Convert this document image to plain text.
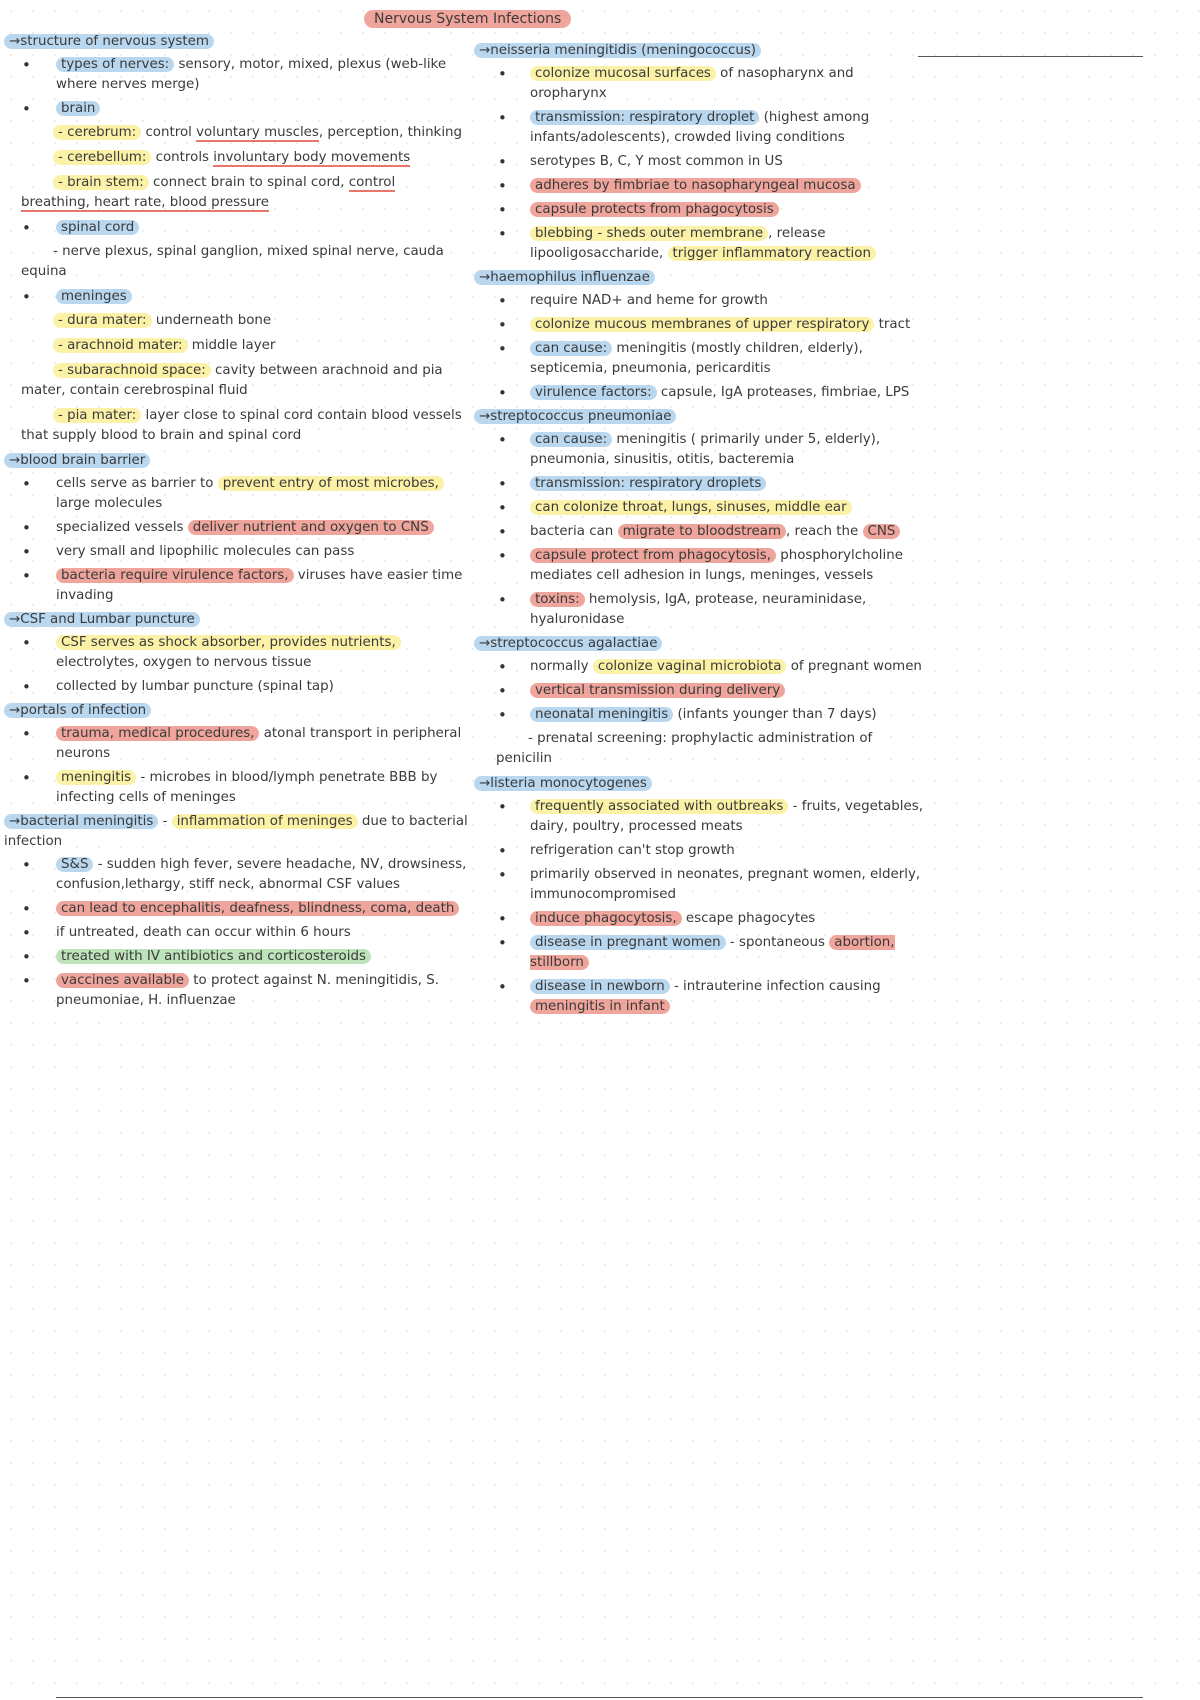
Nervous System Infections
→structure of nervous system
• types of nerves: sensory, motor, mixed, plexus (web-like where nerves merge)
• brain
- cerebrum: control voluntary muscles, perception, thinking
- cerebellum: controls involuntary body movements
- brain stem: connect brain to spinal cord, control breathing, heart rate, blood pressure
• spinal cord
- nerve plexus, spinal ganglion, mixed spinal nerve, cauda equina
• meninges
- dura mater: underneath bone
- arachnoid mater: middle layer
- subarachnoid space: cavity between arachnoid and pia mater, contain cerebrospinal fluid
- pia mater: layer close to spinal cord contain blood vessels that supply blood to brain and spinal cord
→blood brain barrier
• cells serve as barrier to prevent entry of most microbes, large molecules
• specialized vessels deliver nutrient and oxygen to CNS
• very small and lipophilic molecules can pass
• bacteria require virulence factors, viruses have easier time invading
→CSF and Lumbar puncture
• CSF serves as shock absorber, provides nutrients, electrolytes, oxygen to nervous tissue
• collected by lumbar puncture (spinal tap)
→portals of infection
• trauma, medical procedures, atonal transport in peripheral neurons
• meningitis - microbes in blood/lymph penetrate BBB by infecting cells of meninges
→bacterial meningitis - inflammation of meninges due to bacterial infection
• S&S - sudden high fever, severe headache, NV, drowsiness, confusion,lethargy, stiff neck, abnormal CSF values
• can lead to encephalitis, deafness, blindness, coma, death
• if untreated, death can occur within 6 hours
• treated with IV antibiotics and corticosteroids
• vaccines available to protect against N. meningitidis, S. pneumoniae, H. influenzae
→neisseria meningitidis (meningococcus)
• colonize mucosal surfaces of nasopharynx and oropharynx
• transmission: respiratory droplet (highest among infants/adolescents), crowded living conditions
• serotypes B, C, Y most common in US
• adheres by fimbriae to nasopharyngeal mucosa
• capsule protects from phagocytosis
• blebbing - sheds outer membrane , release lipooligosaccharide, trigger inflammatory reaction
→haemophilus influenzae
• require NAD+ and heme for growth
• colonize mucous membranes of upper respiratory tract
• can cause: meningitis (mostly children, elderly), septicemia, pneumonia, pericarditis
• virulence factors: capsule, IgA proteases, fimbriae, LPS
→streptococcus pneumoniae
• can cause: meningitis ( primarily under 5, elderly), pneumonia, sinusitis, otitis, bacteremia
• transmission: respiratory droplets
• can colonize throat, lungs, sinuses, middle ear
• bacteria can migrate to bloodstream , reach the CNS
• capsule protect from phagocytosis, phosphorylcholine mediates cell adhesion in lungs, meninges, vessels
• toxins: hemolysis, IgA, protease, neuraminidase, hyaluronidase
→streptococcus agalactiae
• normally colonize vaginal microbiota of pregnant women
• vertical transmission during delivery
• neonatal meningitis (infants younger than 7 days)
- prenatal screening: prophylactic administration of penicilin
→listeria monocytogenes
• frequently associated with outbreaks - fruits, vegetables, dairy, poultry, processed meats
• refrigeration can't stop growth
• primarily observed in neonates, pregnant women, elderly, immunocompromised
• induce phagocytosis, escape phagocytes
• disease in pregnant women - spontaneous abortion, stillborn
• disease in newborn - intrauterine infection causing meningitis in infant
